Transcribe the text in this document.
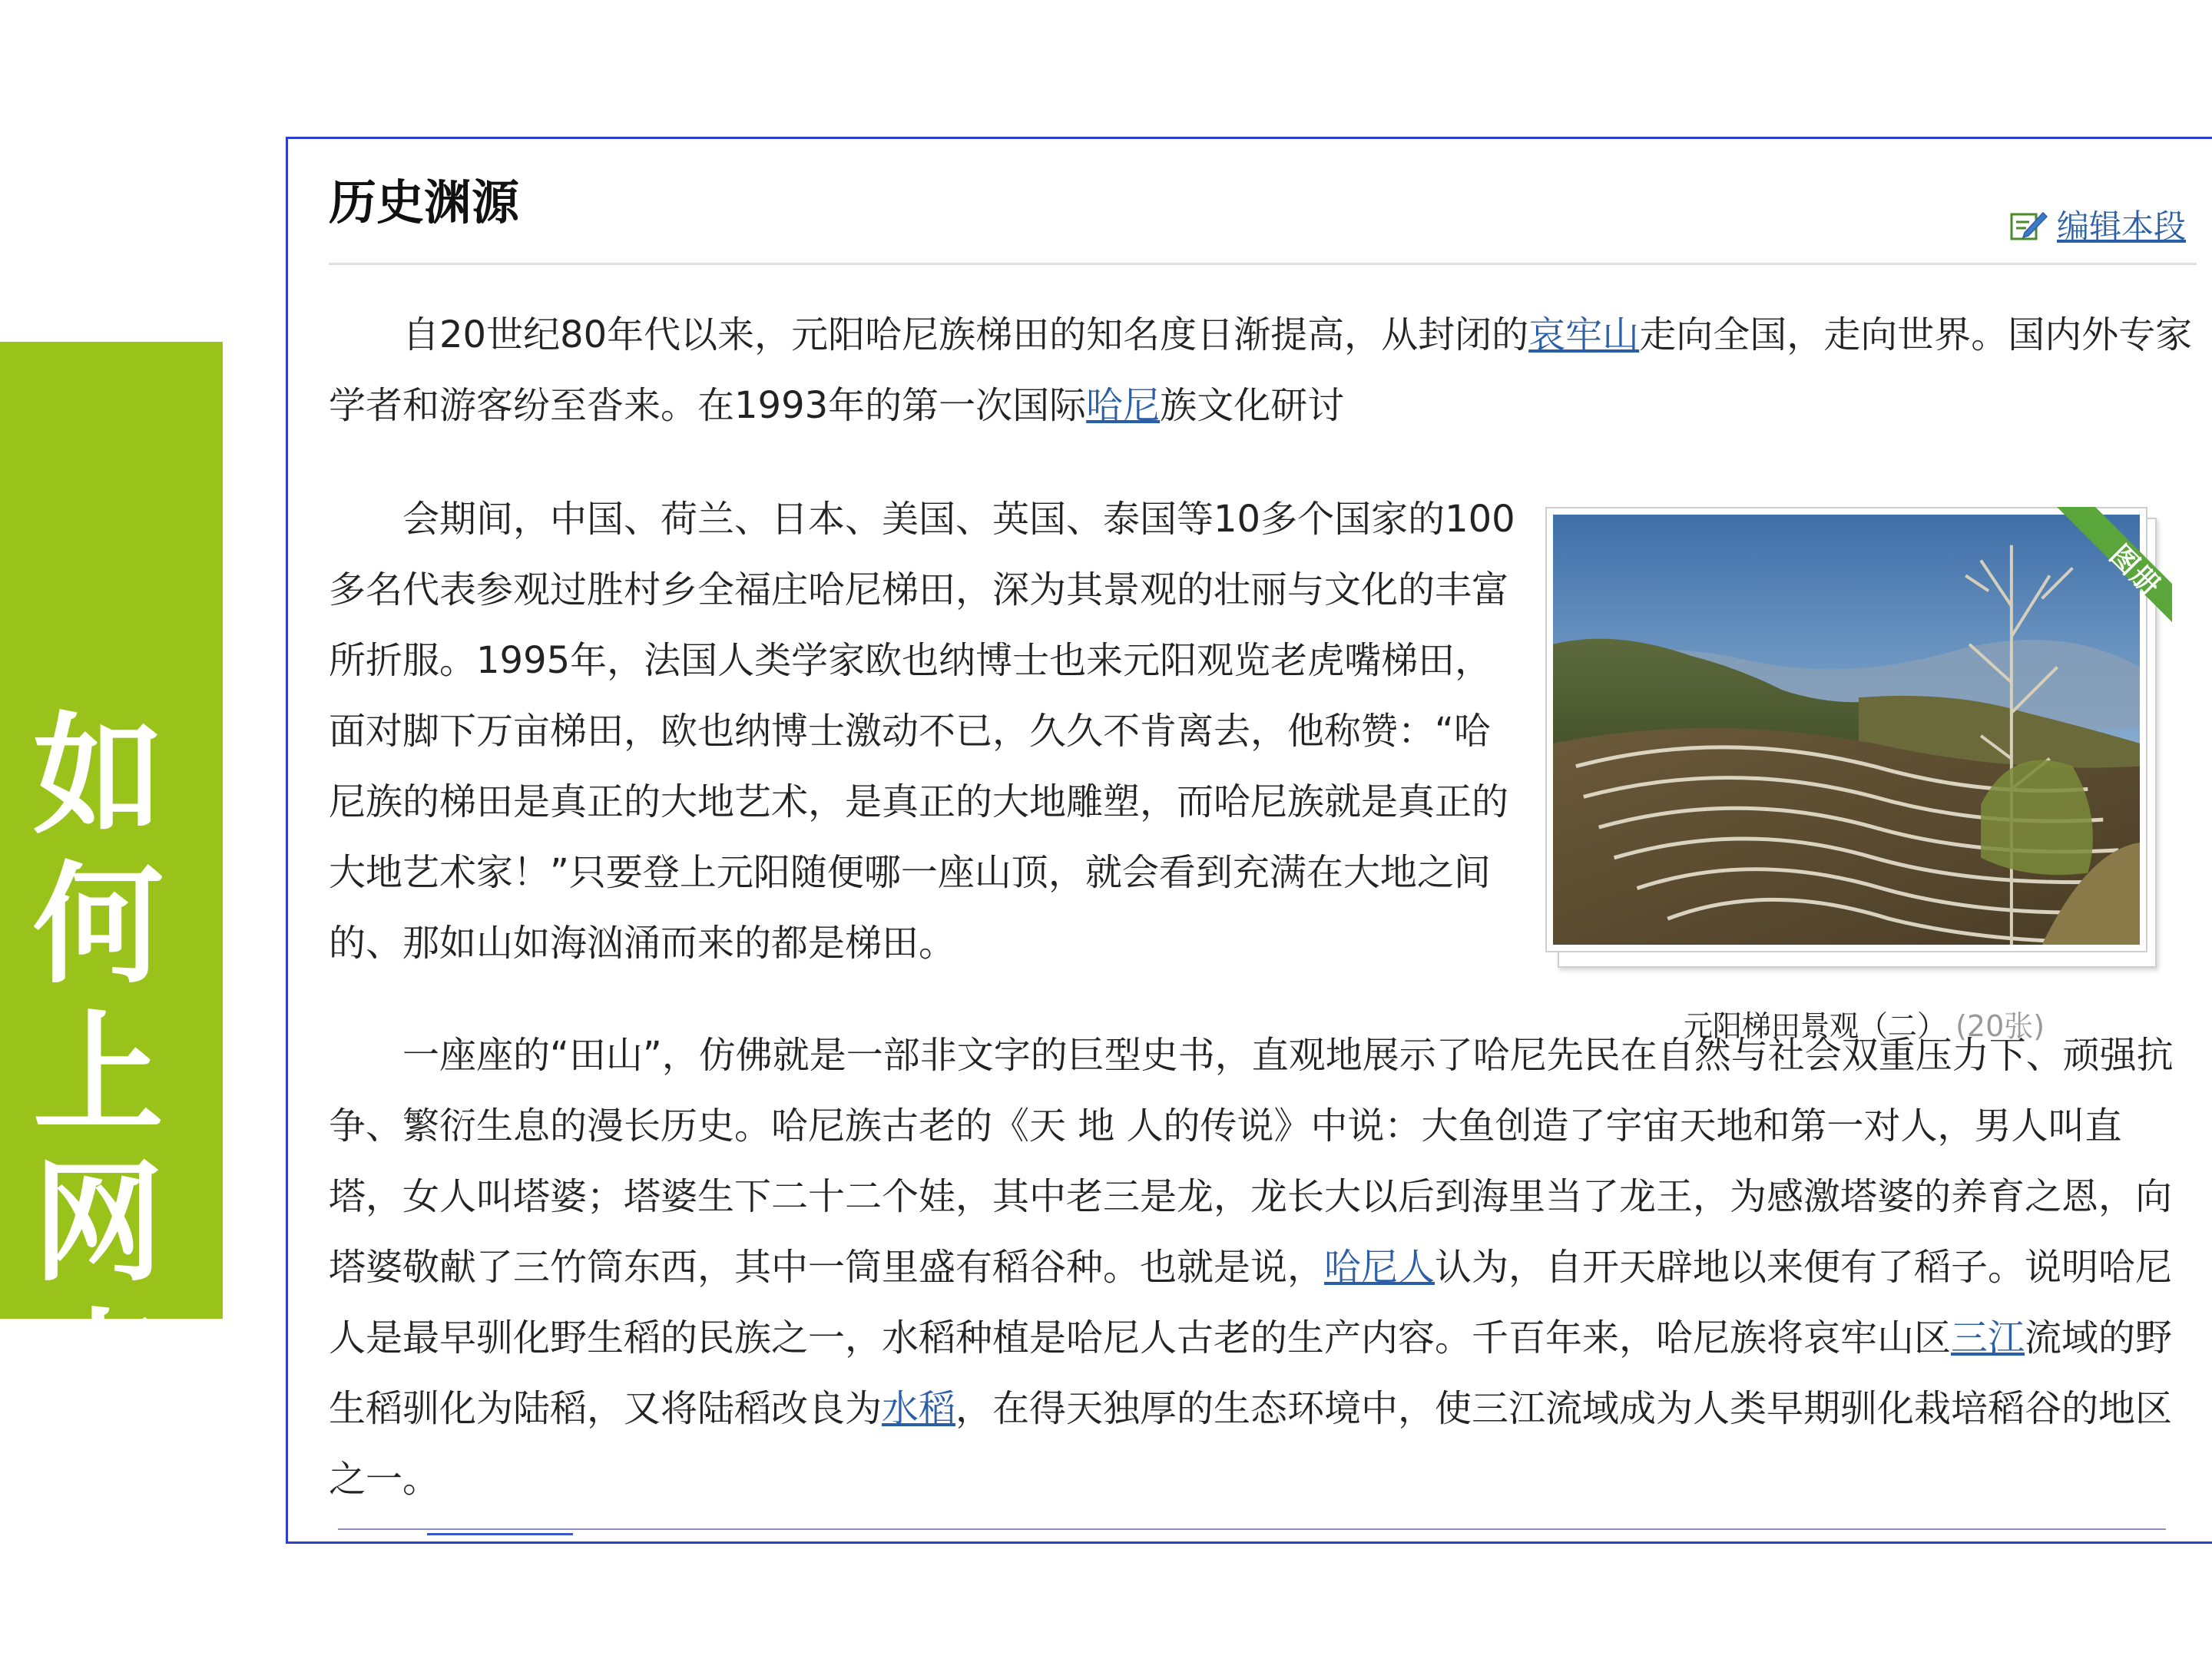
如
何
上
网
查
询
历史渊源	编辑本段

自20世纪80年代以来，元阳哈尼族梯田的知名度日渐提高，从封闭的哀牢山走向全国，走向世界。国内外专家学者和游客纷至沓来。在1993年的第一次国际哈尼族文化研讨

会期间，中国、荷兰、日本、美国、英国、泰国等10多个国家的100多名代表参观过胜村乡全福庄哈尼梯田，深为其景观的壮丽与文化的丰富所折服。1995年，法国人类学家欧也纳博士也来元阳观览老虎嘴梯田，面对脚下万亩梯田，欧也纳博士激动不已，久久不肯离去，他称赞：“哈尼族的梯田是真正的大地艺术，是真正的大地雕塑，而哈尼族就是真正的大地艺术家！”只要登上元阳随便哪一座山顶，就会看到充满在大地之间的、那如山如海汹涌而来的都是梯田。

一座座的“田山”，仿佛就是一部非文字的巨型史书，直观地展示了哈尼先民在自然与社会双重压力下、顽强抗争、繁衍生息的漫长历史。哈尼族古老的《天 地 人的传说》中说：大鱼创造了宇宙天地和第一对人，男人叫直塔，女人叫塔婆；塔婆生下二十二个娃，其中老三是龙，龙长大以后到海里当了龙王，为感激塔婆的养育之恩，向塔婆敬献了三竹筒东西，其中一筒里盛有稻谷种。也就是说，哈尼人认为，自开天辟地以来便有了稻子。说明哈尼人是最早驯化野生稻的民族之一，水稻种植是哈尼人古老的生产内容。千百年来，哈尼族将哀牢山区三江流域的野生稻驯化为陆稻，又将陆稻改良为水稻，在得天独厚的生态环境中，使三江流域成为人类早期驯化栽培稻谷的地区之一。

图册
元阳梯田景观（二） (20张)
